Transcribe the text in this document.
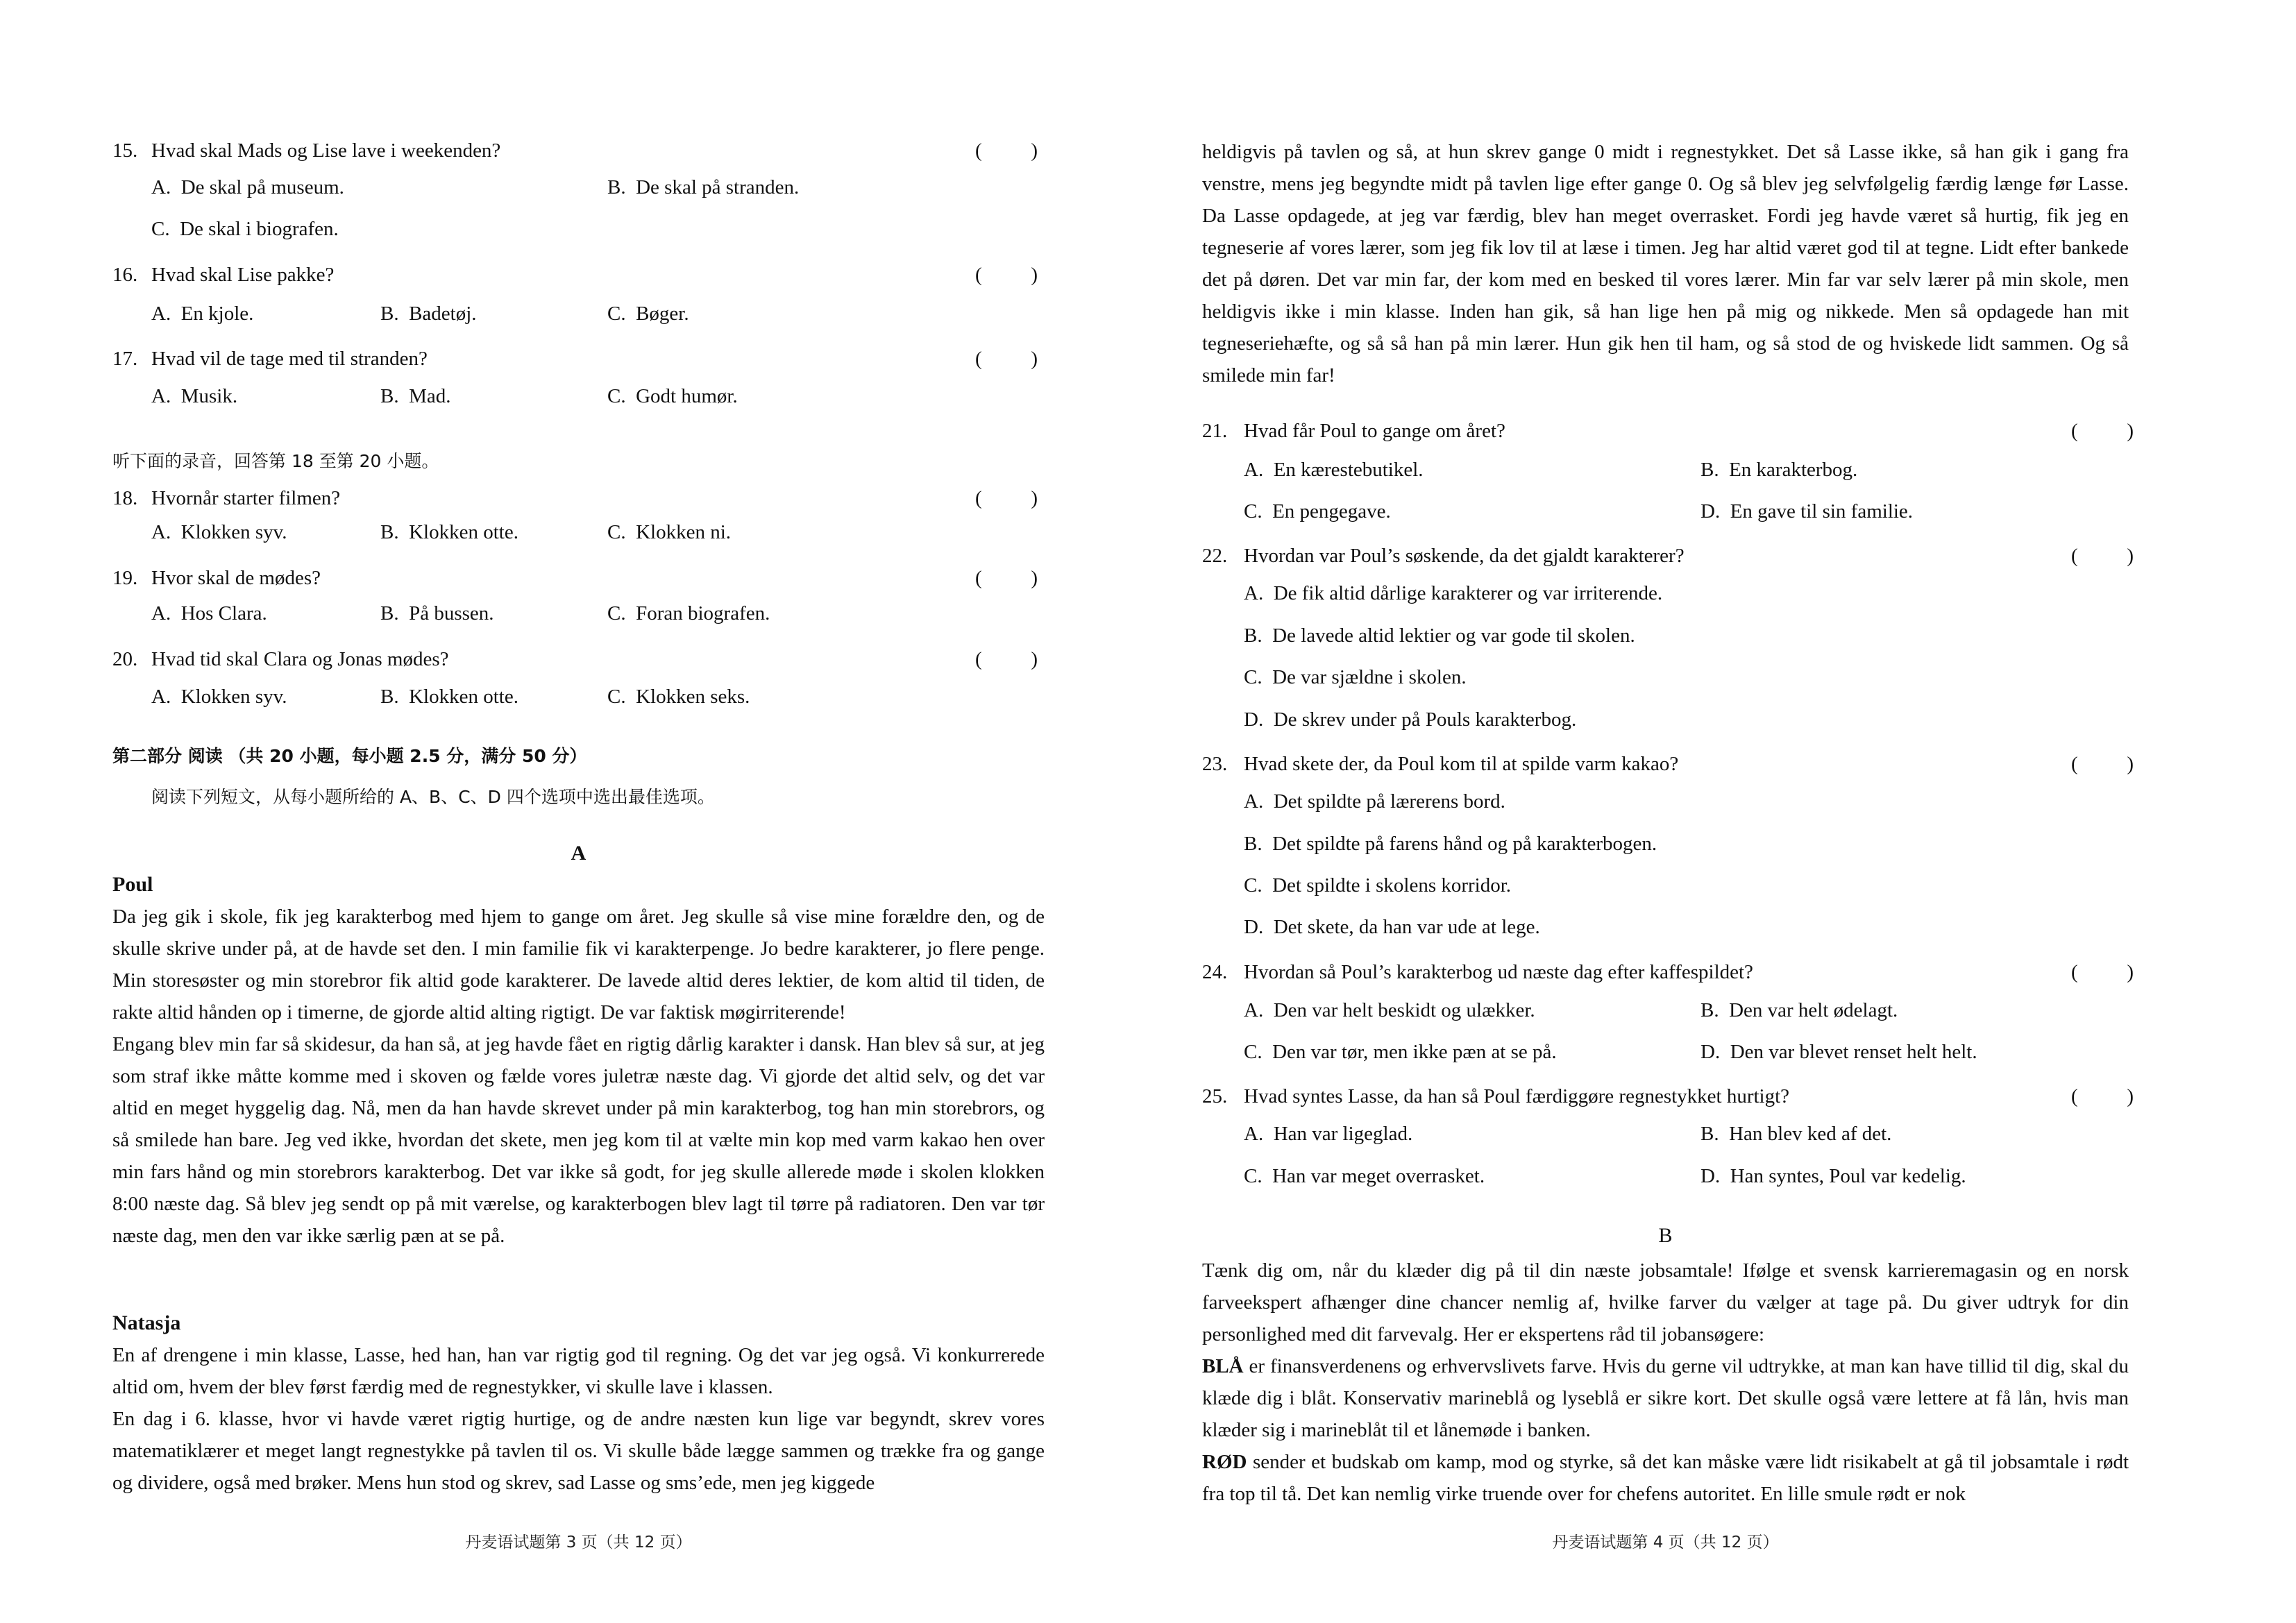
15. Hvad skal Mads og Lise lave i weekenden?	( )
A. De skal på museum.	B. De skal på stranden.
C. De skal i biografen.
16. Hvad skal Lise pakke?	( )
A. En kjole.	B. Badetøj.	C. Bøger.
17. Hvad vil de tage med til stranden?	( )
A. Musik.	B. Mad.	C. Godt humør.
听下面的录音，回答第 18 至第 20 小题。
18. Hvornår starter filmen?	( )
A. Klokken syv.	B. Klokken otte.	C. Klokken ni.
19. Hvor skal de mødes?	( )
A. Hos Clara.	B. På bussen.	C. Foran biografen.
20. Hvad tid skal Clara og Jonas mødes?	( )
A. Klokken syv.	B. Klokken otte.	C. Klokken seks.
第二部分 阅读 （共 20 小题，每小题 2.5 分，满分 50 分）
阅读下列短文，从每小题所给的 A、B、C、D 四个选项中选出最佳选项。
A
Poul

Da jeg gik i skole, fik jeg karakterbog med hjem to gange om året. Jeg skulle så vise mine forældre den, og de skulle skrive under på, at de havde set den. I min familie fik vi karakterpenge. Jo bedre karakterer, jo flere penge. Min storesøster og min storebror fik altid gode karakterer. De lavede altid deres lektier, de kom altid til tiden, de rakte altid hånden op i timerne, de gjorde altid alting rigtigt. De var faktisk møgirriterende!

Engang blev min far så skidesur, da han så, at jeg havde fået en rigtig dårlig karakter i dansk. Han blev så sur, at jeg som straf ikke måtte komme med i skoven og fælde vores juletræ næste dag. Vi gjorde det altid selv, og det var altid en meget hyggelig dag. Nå, men da han havde skrevet under på min karakterbog, tog han min storebrors, og så smilede han bare. Jeg ved ikke, hvordan det skete, men jeg kom til at vælte min kop med varm kakao hen over min fars hånd og min storebrors karakterbog. Det var ikke så godt, for jeg skulle allerede møde i skolen klokken 8:00 næste dag. Så blev jeg sendt op på mit værelse, og karakterbogen blev lagt til tørre på radiatoren. Den var tør næste dag, men den var ikke særlig pæn at se på.

Natasja

En af drengene i min klasse, Lasse, hed han, han var rigtig god til regning. Og det var jeg også. Vi konkurrerede altid om, hvem der blev først færdig med de regnestykker, vi skulle lave i klassen.

En dag i 6. klasse, hvor vi havde været rigtig hurtige, og de andre næsten kun lige var begyndt, skrev vores matematiklærer et meget langt regnestykke på tavlen til os. Vi skulle både lægge sammen og trække fra og gange og dividere, også med brøker. Mens hun stod og skrev, sad Lasse og sms’ede, men jeg kiggede

丹麦语试题第 3 页（共 12 页）

heldigvis på tavlen og så, at hun skrev gange 0 midt i regnestykket. Det så Lasse ikke, så han gik i gang fra venstre, mens jeg begyndte midt på tavlen lige efter gange 0. Og så blev jeg selvfølgelig færdig længe før Lasse. Da Lasse opdagede, at jeg var færdig, blev han meget overrasket. Fordi jeg havde været så hurtig, fik jeg en tegneserie af vores lærer, som jeg fik lov til at læse i timen. Jeg har altid været god til at tegne. Lidt efter bankede det på døren. Det var min far, der kom med en besked til vores lærer. Min far var selv lærer på min skole, men heldigvis ikke i min klasse. Inden han gik, så han lige hen på mig og nikkede. Men så opdagede han mit tegneseriehæfte, og så så han på min lærer. Hun gik hen til ham, og så stod de og hviskede lidt sammen. Og så smilede min far!

21. Hvad får Poul to gange om året?	( )
A. En kærestebutikel.	B. En karakterbog.
C. En pengegave.	D. En gave til sin familie.
22. Hvordan var Poul’s søskende, da det gjaldt karakterer?	( )
A. De fik altid dårlige karakterer og var irriterende.
B. De lavede altid lektier og var gode til skolen.
C. De var sjældne i skolen.
D. De skrev under på Pouls karakterbog.
23. Hvad skete der, da Poul kom til at spilde varm kakao?	( )
A. Det spildte på lærerens bord.
B. Det spildte på farens hånd og på karakterbogen.
C. Det spildte i skolens korridor.
D. Det skete, da han var ude at lege.
24. Hvordan så Poul’s karakterbog ud næste dag efter kaffespildet?	( )
A. Den var helt beskidt og ulækker.	B. Den var helt ødelagt.
C. Den var tør, men ikke pæn at se på.	D. Den var blevet renset helt helt.
25. Hvad syntes Lasse, da han så Poul færdiggøre regnestykket hurtigt?	( )
A. Han var ligeglad.	B. Han blev ked af det.
C. Han var meget overrasket.	D. Han syntes, Poul var kedelig.
B

Tænk dig om, når du klæder dig på til din næste jobsamtale! Ifølge et svensk karrieremagasin og en norsk farveekspert afhænger dine chancer nemlig af, hvilke farver du vælger at tage på. Du giver udtryk for din personlighed med dit farvevalg. Her er ekspertens råd til jobansøgere:

BLÅ er finansverdenens og erhvervslivets farve. Hvis du gerne vil udtrykke, at man kan have tillid til dig, skal du klæde dig i blåt. Konservativ marineblå og lyseblå er sikre kort. Det skulle også være lettere at få lån, hvis man klæder sig i marineblåt til et lånemøde i banken.

RØD sender et budskab om kamp, mod og styrke, så det kan måske være lidt risikabelt at gå til jobsamtale i rødt fra top til tå. Det kan nemlig virke truende over for chefens autoritet. En lille smule rødt er nok

丹麦语试题第 4 页（共 12 页）
